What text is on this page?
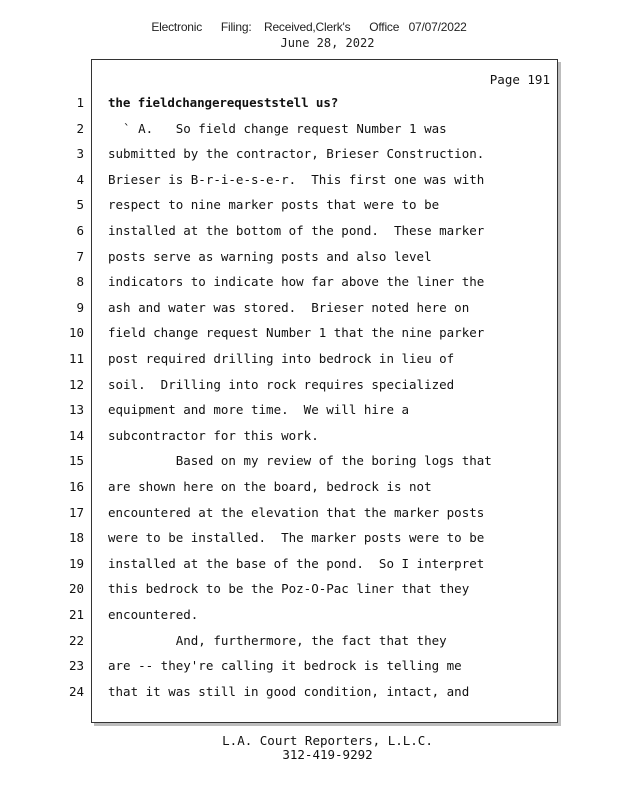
Electronic      Filing:    Received,Clerk's      Office   07/07/2022
June 28, 2022
Page 191
1 the fieldchangerequeststell us?
2 ` A.   So field change request Number 1 was
3 submitted by the contractor, Brieser Construction.
4 Brieser is B-r-i-e-s-e-r.  This first one was with
5 respect to nine marker posts that were to be
6 installed at the bottom of the pond.  These marker
7 posts serve as warning posts and also level
8 indicators to indicate how far above the liner the
9 ash and water was stored.  Brieser noted here on
10 field change request Number 1 that the nine parker
11 post required drilling into bedrock in lieu of
12 soil.  Drilling into rock requires specialized
13 equipment and more time.  We will hire a
14 subcontractor for this work.
15 Based on my review of the boring logs that
16 are shown here on the board, bedrock is not
17 encountered at the elevation that the marker posts
18 were to be installed.  The marker posts were to be
19 installed at the base of the pond.  So I interpret
20 this bedrock to be the Poz-O-Pac liner that they
21 encountered.
22 And, furthermore, the fact that they
23 are -- they're calling it bedrock is telling me
24 that it was still in good condition, intact, and
L.A. Court Reporters, L.L.C.
312-419-9292
